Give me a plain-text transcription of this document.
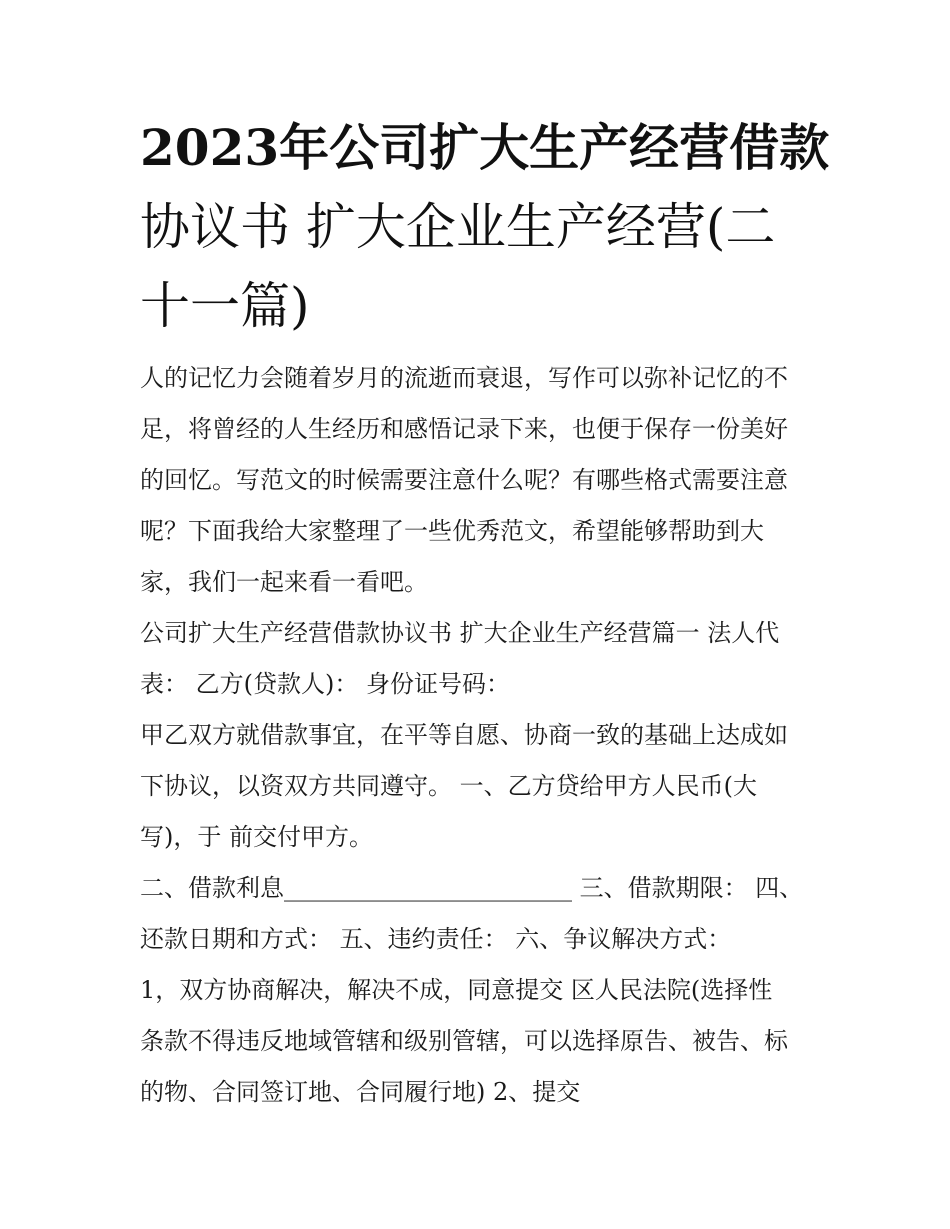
2023年公司扩大生产经营借款
协议书 扩大企业生产经营(二
十一篇)
人的记忆力会随着岁月的流逝而衰退，写作可以弥补记忆的不
足，将曾经的人生经历和感悟记录下来，也便于保存一份美好
的回忆。写范文的时候需要注意什么呢？有哪些格式需要注意
呢？下面我给大家整理了一些优秀范文，希望能够帮助到大
家，我们一起来看一看吧。
公司扩大生产经营借款协议书 扩大企业生产经营篇一 法人代
表： 乙方(贷款人)： 身份证号码：
甲乙双方就借款事宜，在平等自愿、协商一致的基础上达成如
下协议，以资双方共同遵守。 一、乙方贷给甲方人民币(大
写)，于 前交付甲方。
二、借款利息________________________ 三、借款期限： 四、
还款日期和方式： 五、违约责任： 六、争议解决方式：
1，双方协商解决，解决不成，同意提交 区人民法院(选择性
条款不得违反地域管辖和级别管辖，可以选择原告、被告、标
的物、合同签订地、合同履行地) 2、提交
